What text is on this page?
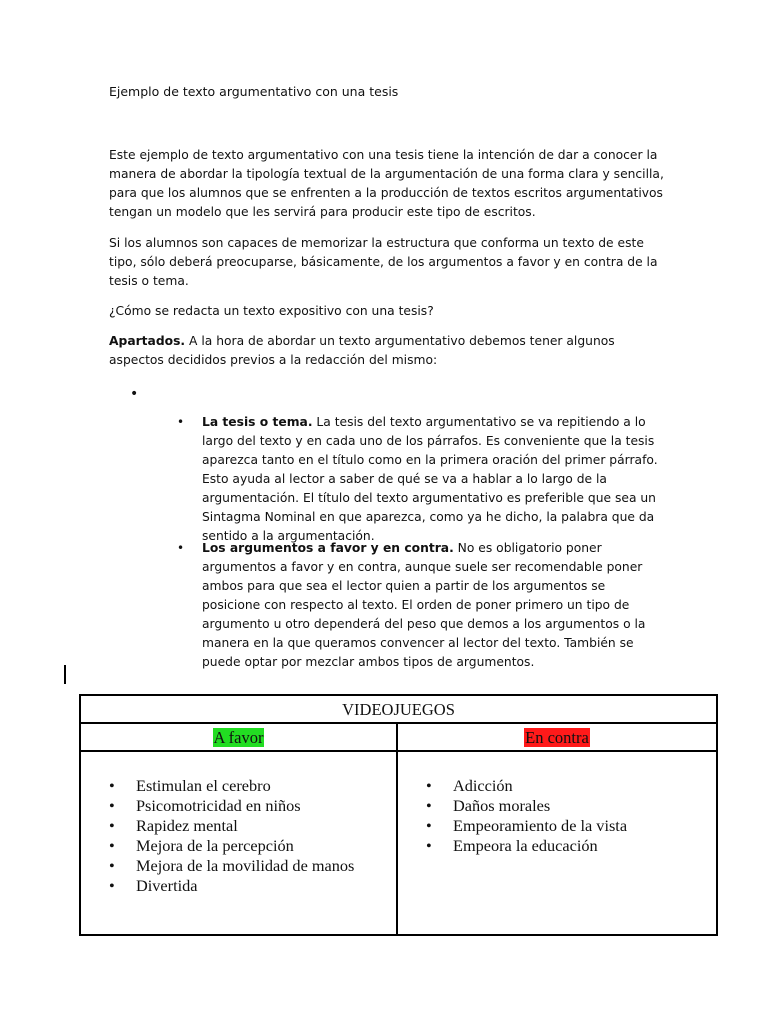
Ejemplo de texto argumentativo con una tesis

Este ejemplo de texto argumentativo con una tesis tiene la intención de dar a conocer la manera de abordar la tipología textual de la argumentación de una forma clara y sencilla, para que los alumnos que se enfrenten a la producción de textos escritos argumentativos tengan un modelo que les servirá para producir este tipo de escritos.

Si los alumnos son capaces de memorizar la estructura que conforma un texto de este tipo, sólo deberá preocuparse, básicamente, de los argumentos a favor y en contra de la tesis o tema.

¿Cómo se redacta un texto expositivo con una tesis?

Apartados. A la hora de abordar un texto argumentativo debemos tener algunos aspectos decididos previos a la redacción del mismo:

•

• La tesis o tema. La tesis del texto argumentativo se va repitiendo a lo largo del texto y en cada uno de los párrafos. Es conveniente que la tesis aparezca tanto en el título como en la primera oración del primer párrafo. Esto ayuda al lector a saber de qué se va a hablar a lo largo de la argumentación. El título del texto argumentativo es preferible que sea un Sintagma Nominal en que aparezca, como ya he dicho, la palabra que da sentido a la argumentación.

• Los argumentos a favor y en contra. No es obligatorio poner argumentos a favor y en contra, aunque suele ser recomendable poner ambos para que sea el lector quien a partir de los argumentos se posicione con respecto al texto. El orden de poner primero un tipo de argumento u otro dependerá del peso que demos a los argumentos o la manera en la que queramos convencer al lector del texto. También se puede optar por mezclar ambos tipos de argumentos.

VIDEOJUEGOS
A favor	En contra
• Estimulan el cerebro
• Psicomotricidad en niños
• Rapidez mental
• Mejora de la percepción
• Mejora de la movilidad de manos
• Divertida
• Adicción
• Daños morales
• Empeoramiento de la vista
• Empeora la educación
